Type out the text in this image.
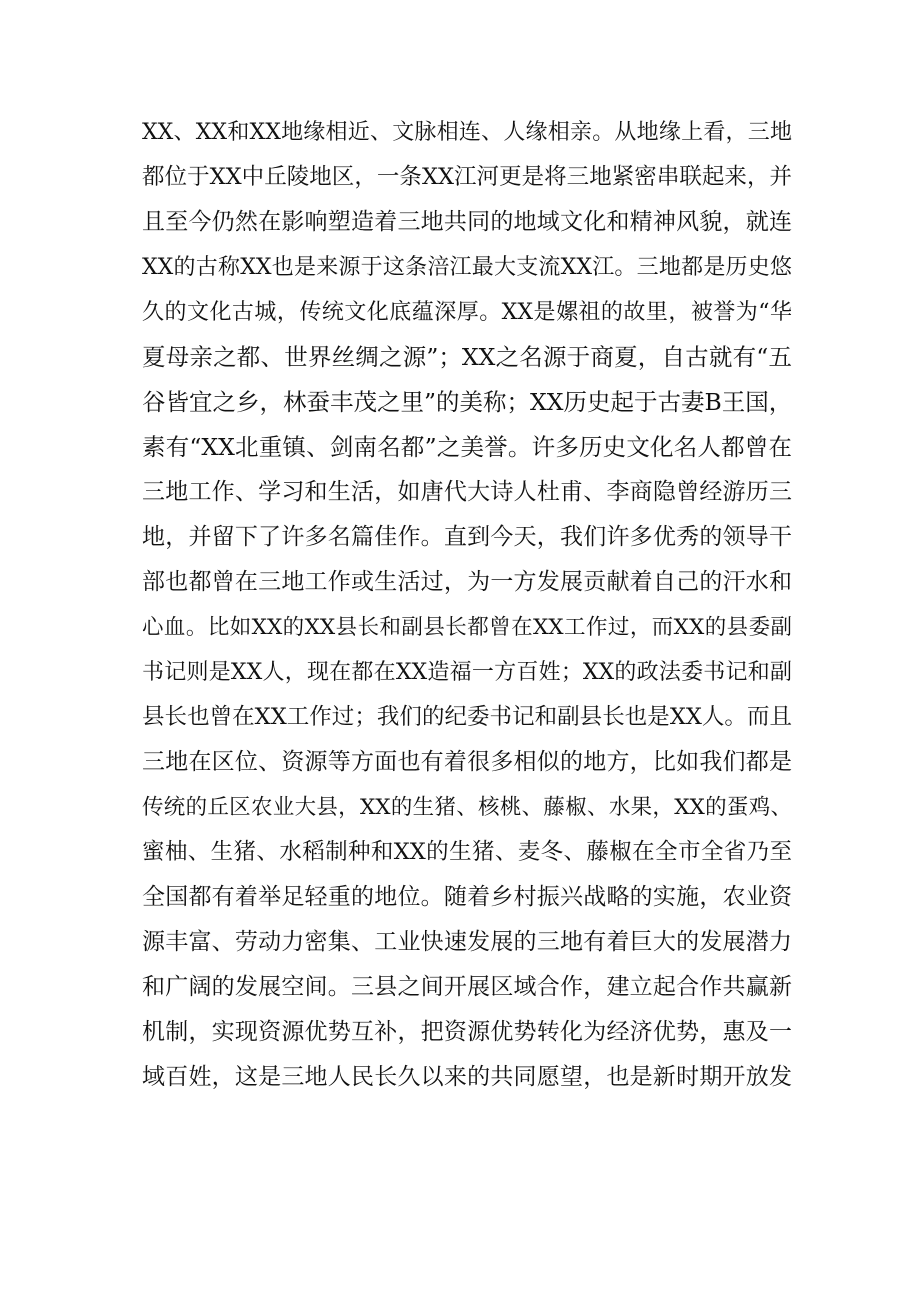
XX、XX和XX地缘相近、文脉相连、人缘相亲。从地缘上看，三地
都位于XX中丘陵地区，一条XX江河更是将三地紧密串联起来，并
且至今仍然在影响塑造着三地共同的地域文化和精神风貌，就连
XX的古称XX也是来源于这条涪江最大支流XX江。三地都是历史悠
久的文化古城，传统文化底蕴深厚。XX是嫘祖的故里，被誉为“华
夏母亲之都、世界丝绸之源”；XX之名源于商夏，自古就有“五
谷皆宜之乡，林蚕丰茂之里”的美称；XX历史起于古妻B王国，
素有“XX北重镇、剑南名都”之美誉。许多历史文化名人都曾在
三地工作、学习和生活，如唐代大诗人杜甫、李商隐曾经游历三
地，并留下了许多名篇佳作。直到今天，我们许多优秀的领导干
部也都曾在三地工作或生活过，为一方发展贡献着自己的汗水和
心血。比如XX的XX县长和副县长都曾在XX工作过，而XX的县委副
书记则是XX人，现在都在XX造福一方百姓；XX的政法委书记和副
县长也曾在XX工作过；我们的纪委书记和副县长也是XX人。而且
三地在区位、资源等方面也有着很多相似的地方，比如我们都是
传统的丘区农业大县，XX的生猪、核桃、藤椒、水果，XX的蛋鸡、
蜜柚、生猪、水稻制种和XX的生猪、麦冬、藤椒在全市全省乃至
全国都有着举足轻重的地位。随着乡村振兴战略的实施，农业资
源丰富、劳动力密集、工业快速发展的三地有着巨大的发展潜力
和广阔的发展空间。三县之间开展区域合作，建立起合作共赢新
机制，实现资源优势互补，把资源优势转化为经济优势，惠及一
域百姓，这是三地人民长久以来的共同愿望，也是新时期开放发
